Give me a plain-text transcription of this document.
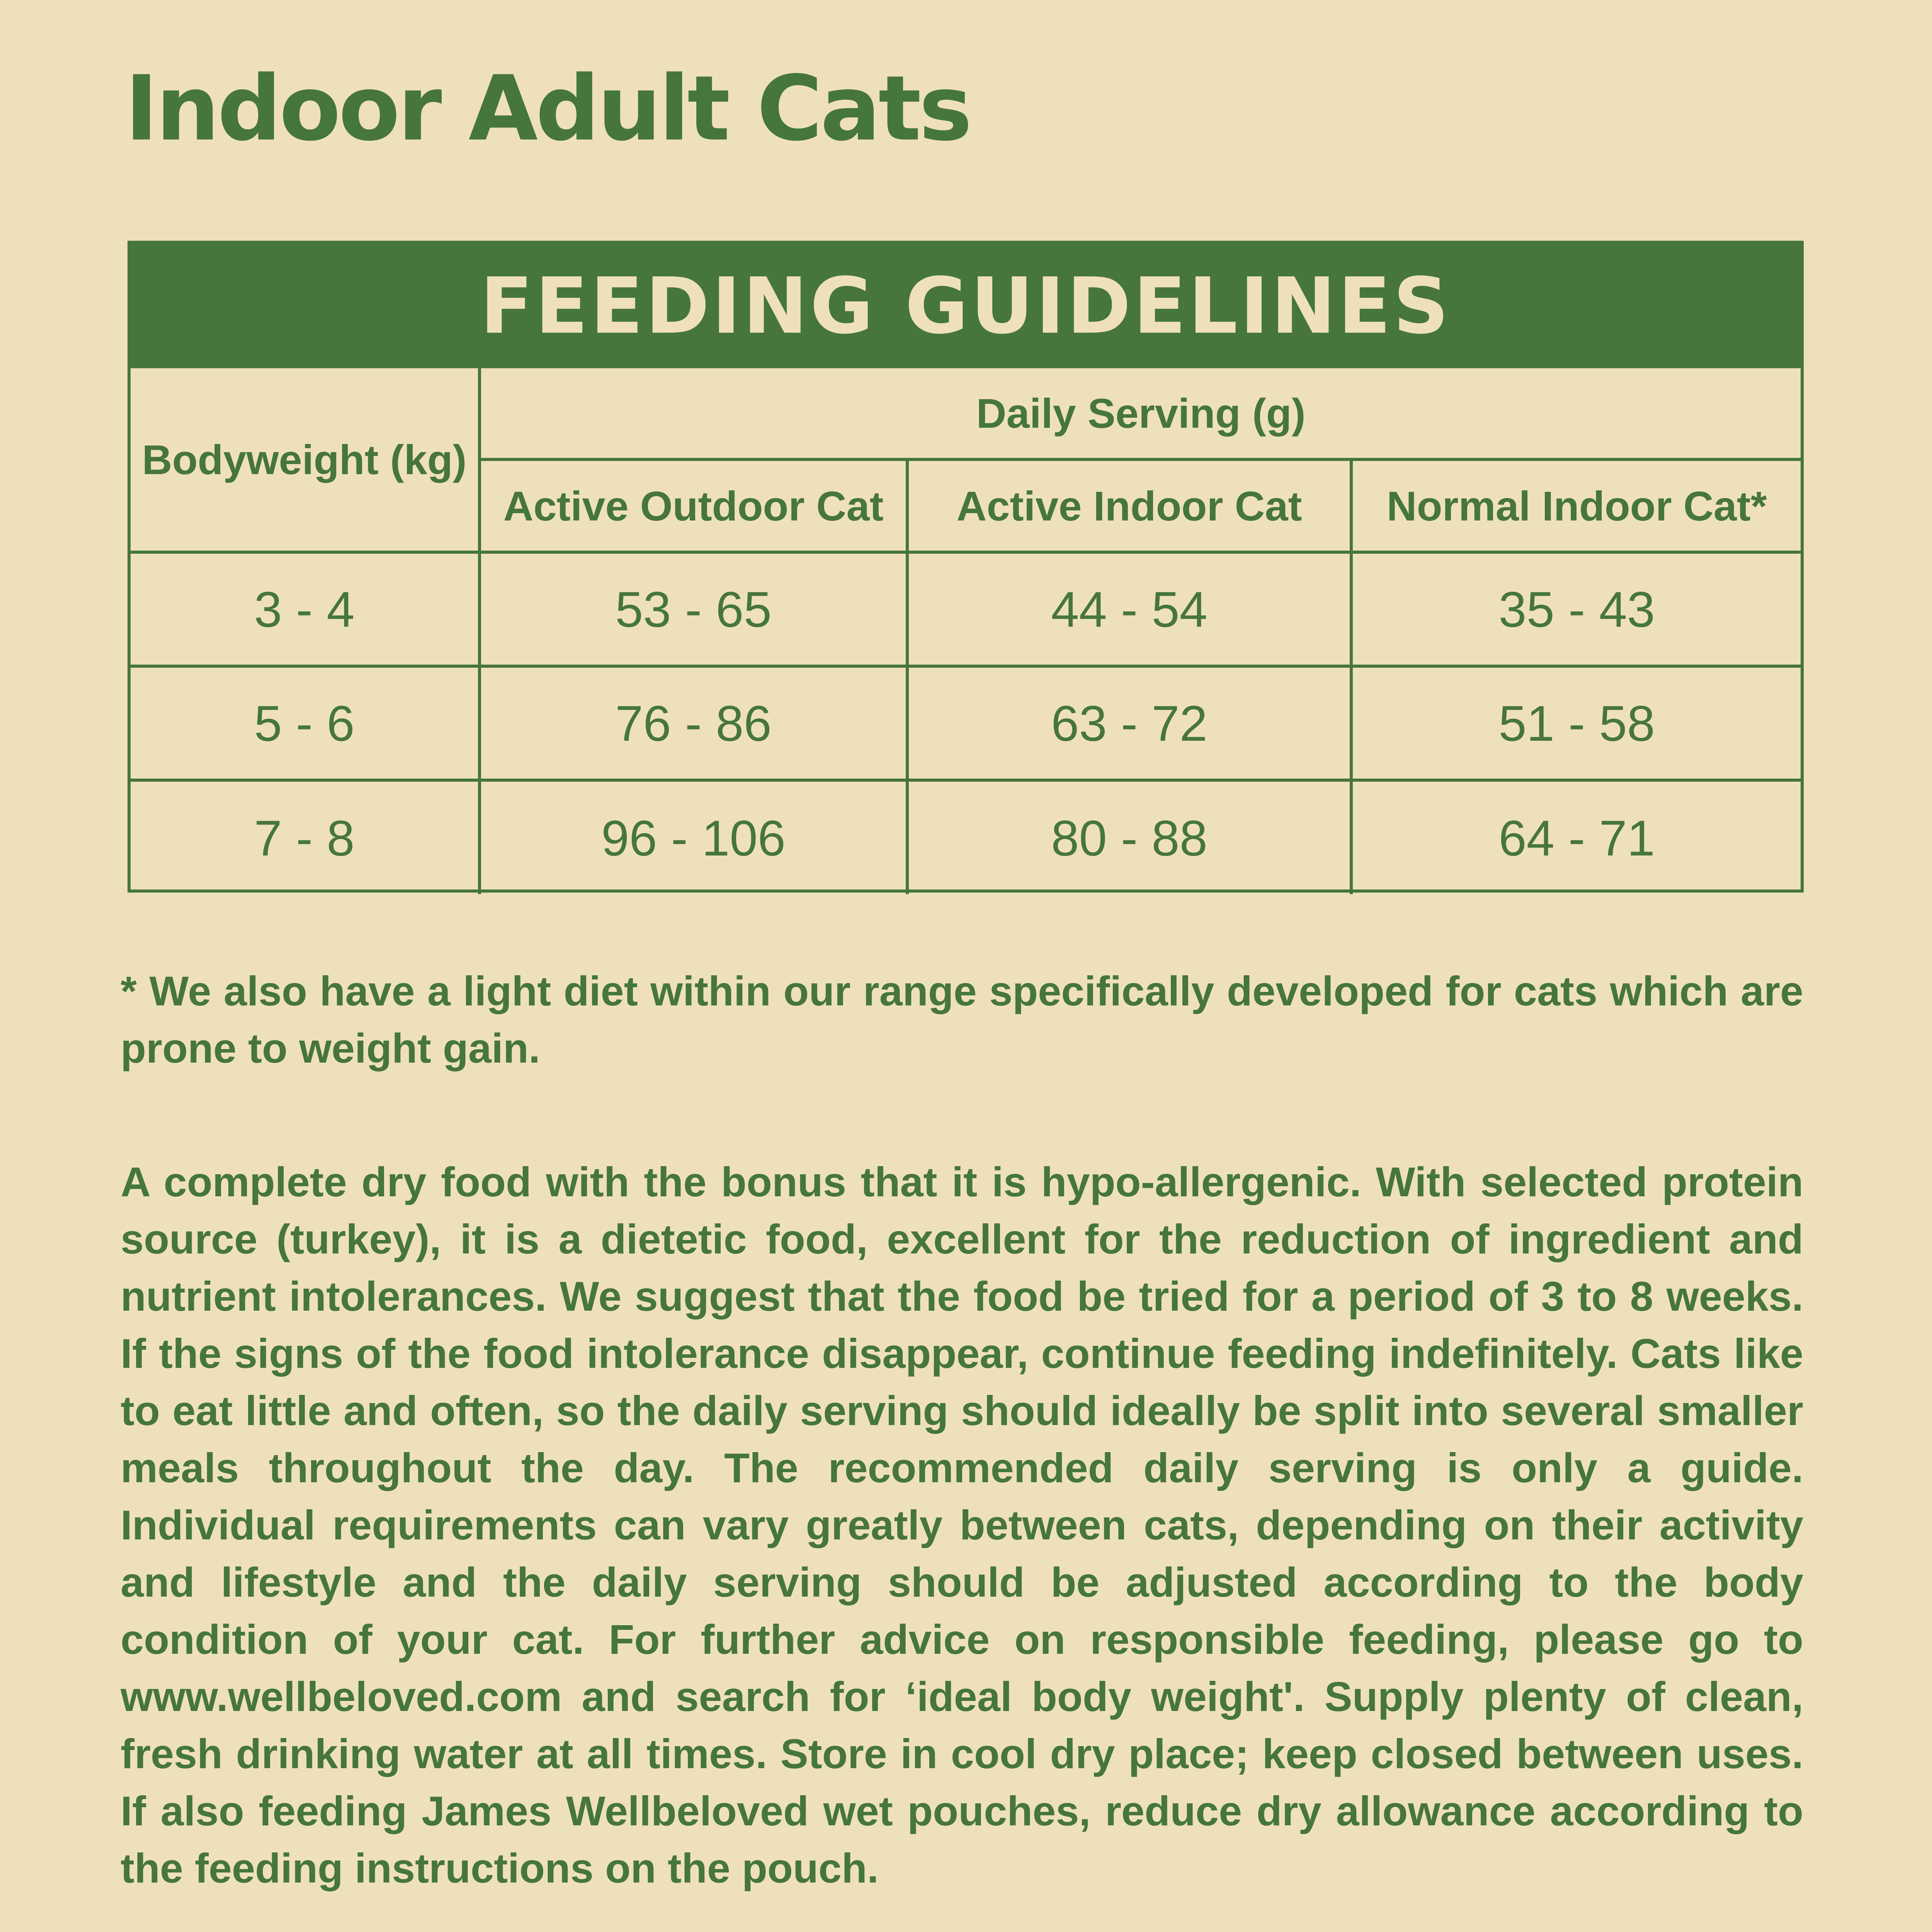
Indoor Adult Cats
FEEDING GUIDELINES
Bodyweight (kg)	Daily Serving (g)		
	Active Outdoor Cat	Active Indoor Cat	Normal Indoor Cat*
3 - 4	53 - 65	44 - 54	35 - 43
5 - 6	76 - 86	63 - 72	51 - 58
7 - 8	96 - 106	80 - 88	64 - 71

* We also have a light diet within our range specifically developed for cats which are prone to weight gain.

A complete dry food with the bonus that it is hypo-allergenic. With selected protein source (turkey), it is a dietetic food, excellent for the reduction of ingredient and nutrient intolerances. We suggest that the food be tried for a period of 3 to 8 weeks. If the signs of the food intolerance disappear, continue feeding indefinitely. Cats like to eat little and often, so the daily serving should ideally be split into several smaller meals throughout the day. The recommended daily serving is only a guide. Individual requirements can vary greatly between cats, depending on their activity and lifestyle and the daily serving should be adjusted according to the body condition of your cat. For further advice on responsible feeding, please go to www.wellbeloved.com and search for ‘ideal body weight'. Supply plenty of clean, fresh drinking water at all times. Store in cool dry place; keep closed between uses. If also feeding James Wellbeloved wet pouches, reduce dry allowance according to the feeding instructions on the pouch.
